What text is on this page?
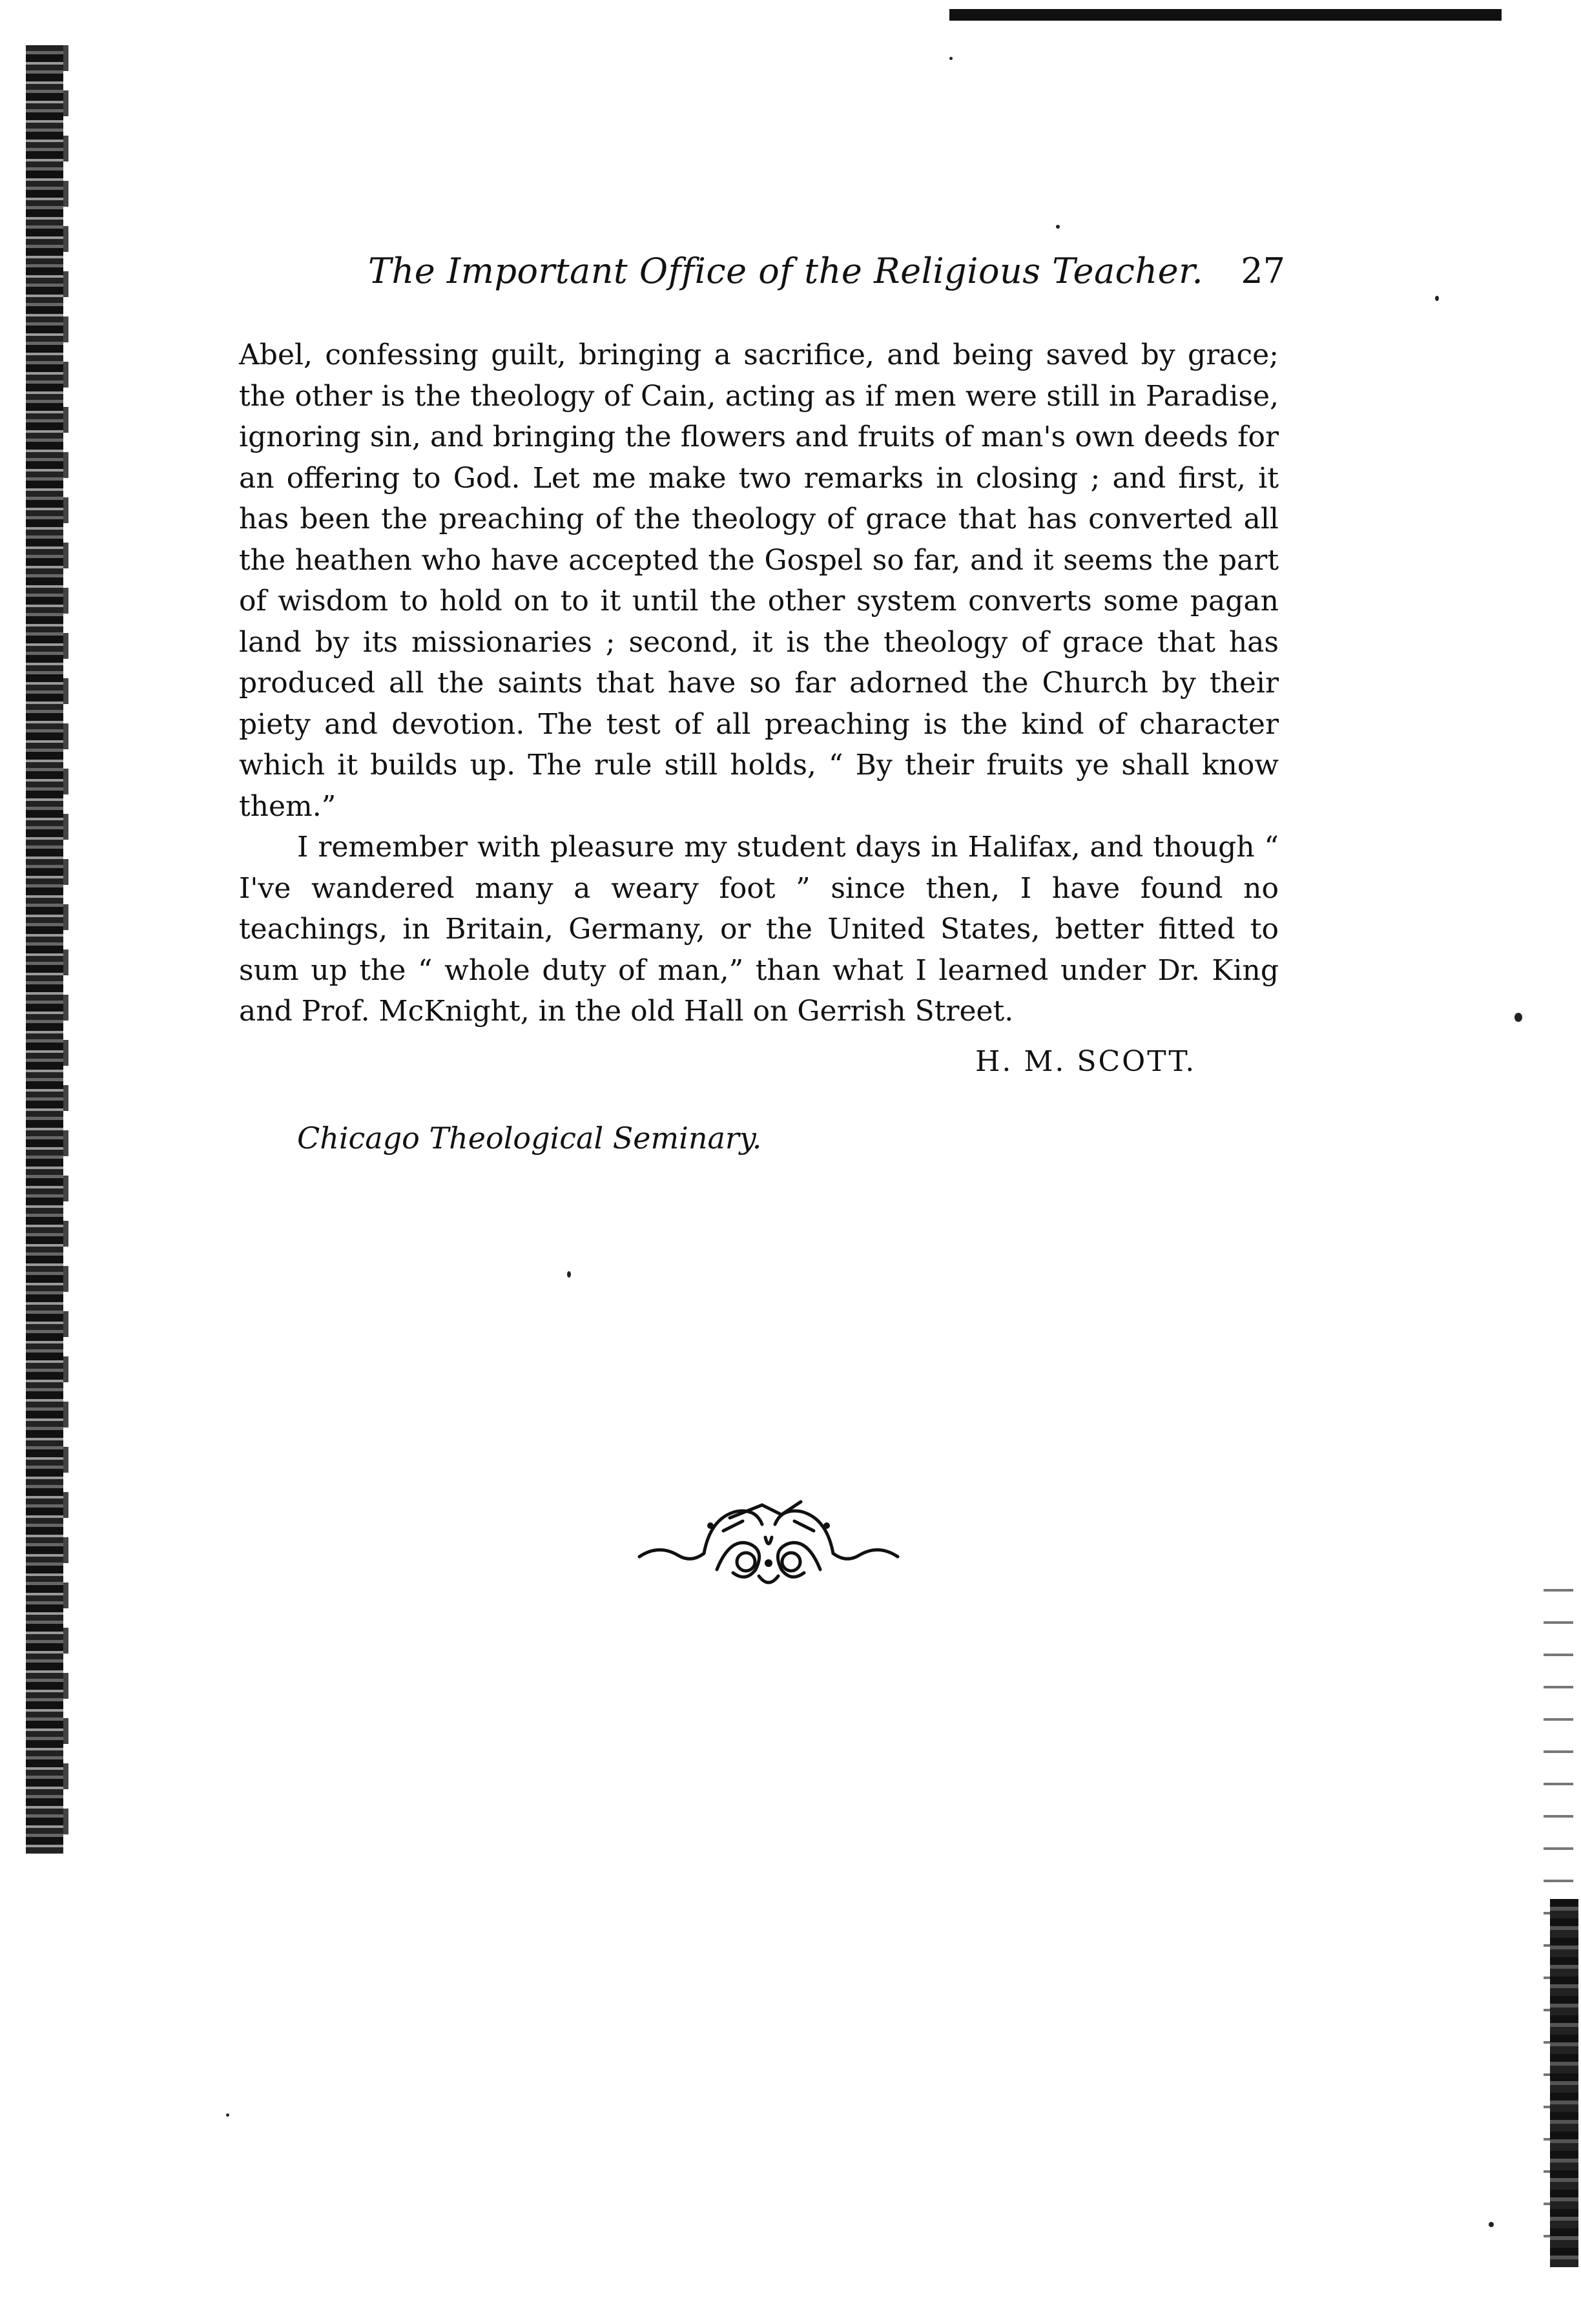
The Important Office of the Religious Teacher. 27

Abel, confessing guilt, bringing a sacrifice, and being saved by grace; the other is the theology of Cain, acting as if men were still in Paradise, ignoring sin, and bringing the flowers and fruits of man's own deeds for an offering to God. Let me make two remarks in closing ; and first, it has been the preaching of the theology of grace that has converted all the heathen who have accepted the Gospel so far, and it seems the part of wisdom to hold on to it until the other system converts some pagan land by its missionaries ; second, it is the theology of grace that has produced all the saints that have so far adorned the Church by their piety and devotion. The test of all preaching is the kind of character which it builds up. The rule still holds, “ By their fruits ye shall know them.”

I remember with pleasure my student days in Halifax, and though “ I've wandered many a weary foot ” since then, I have found no teachings, in Britain, Germany, or the United States, better fitted to sum up the “ whole duty of man,” than what I learned under Dr. King and Prof. McKnight, in the old Hall on Gerrish Street.

H. M. SCOTT.
Chicago Theological Seminary.
